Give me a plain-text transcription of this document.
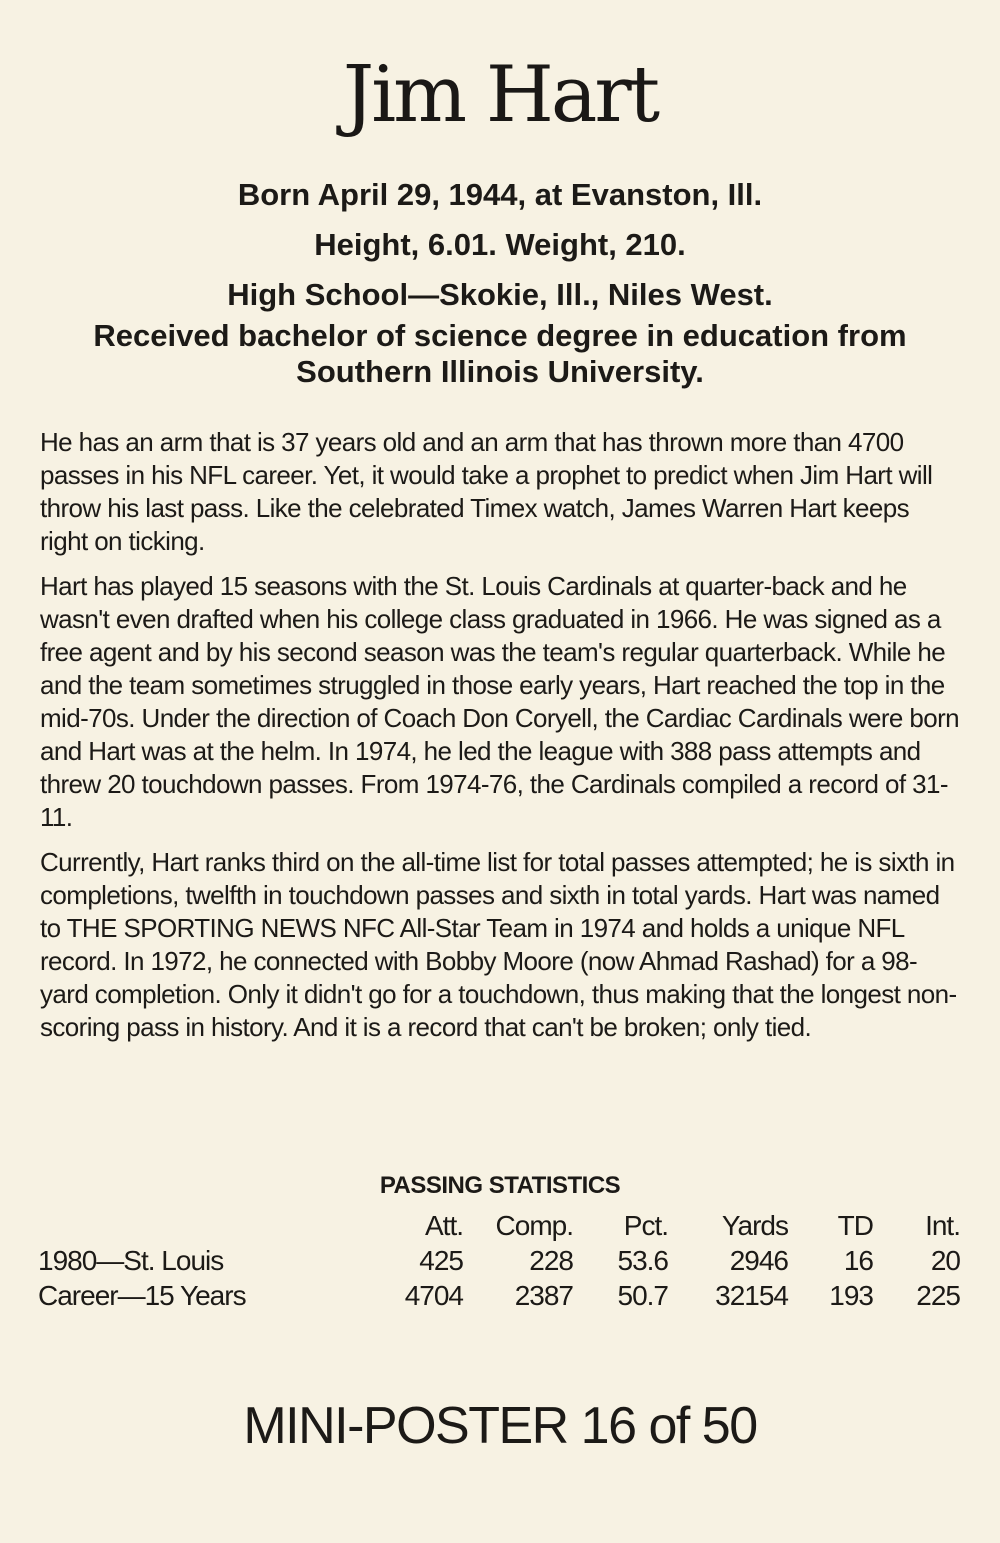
Jim Hart
Born April 29, 1944, at Evanston, Ill.
Height, 6.01. Weight, 210.
High School—Skokie, Ill., Niles West.

Received bachelor of science degree in education from Southern Illinois University.

He has an arm that is 37 years old and an arm that has thrown more than 4700 passes in his NFL career. Yet, it would take a prophet to predict when Jim Hart will throw his last pass. Like the celebrated Timex watch, James Warren Hart keeps right on ticking.

Hart has played 15 seasons with the St. Louis Cardinals at quarter-back and he wasn't even drafted when his college class graduated in 1966. He was signed as a free agent and by his second season was the team's regular quarterback. While he and the team sometimes struggled in those early years, Hart reached the top in the mid-70s. Under the direction of Coach Don Coryell, the Cardiac Cardinals were born and Hart was at the helm. In 1974, he led the league with 388 pass attempts and threw 20 touchdown passes. From 1974-76, the Cardinals compiled a record of 31-11.

Currently, Hart ranks third on the all-time list for total passes attempted; he is sixth in completions, twelfth in touchdown passes and sixth in total yards. Hart was named to THE SPORTING NEWS NFC All-Star Team in 1974 and holds a unique NFL record. In 1972, he connected with Bobby Moore (now Ahmad Rashad) for a 98-yard completion. Only it didn't go for a touchdown, thus making that the longest non-scoring pass in history. And it is a record that can't be broken; only tied.

PASSING STATISTICS
	Att.	Comp.	Pct.	Yards	TD	Int.
1980—St. Louis	425	228	53.6	2946	16	20
Career—15 Years	4704	2387	50.7	32154	193	225
MINI-POSTER 16 of 50
